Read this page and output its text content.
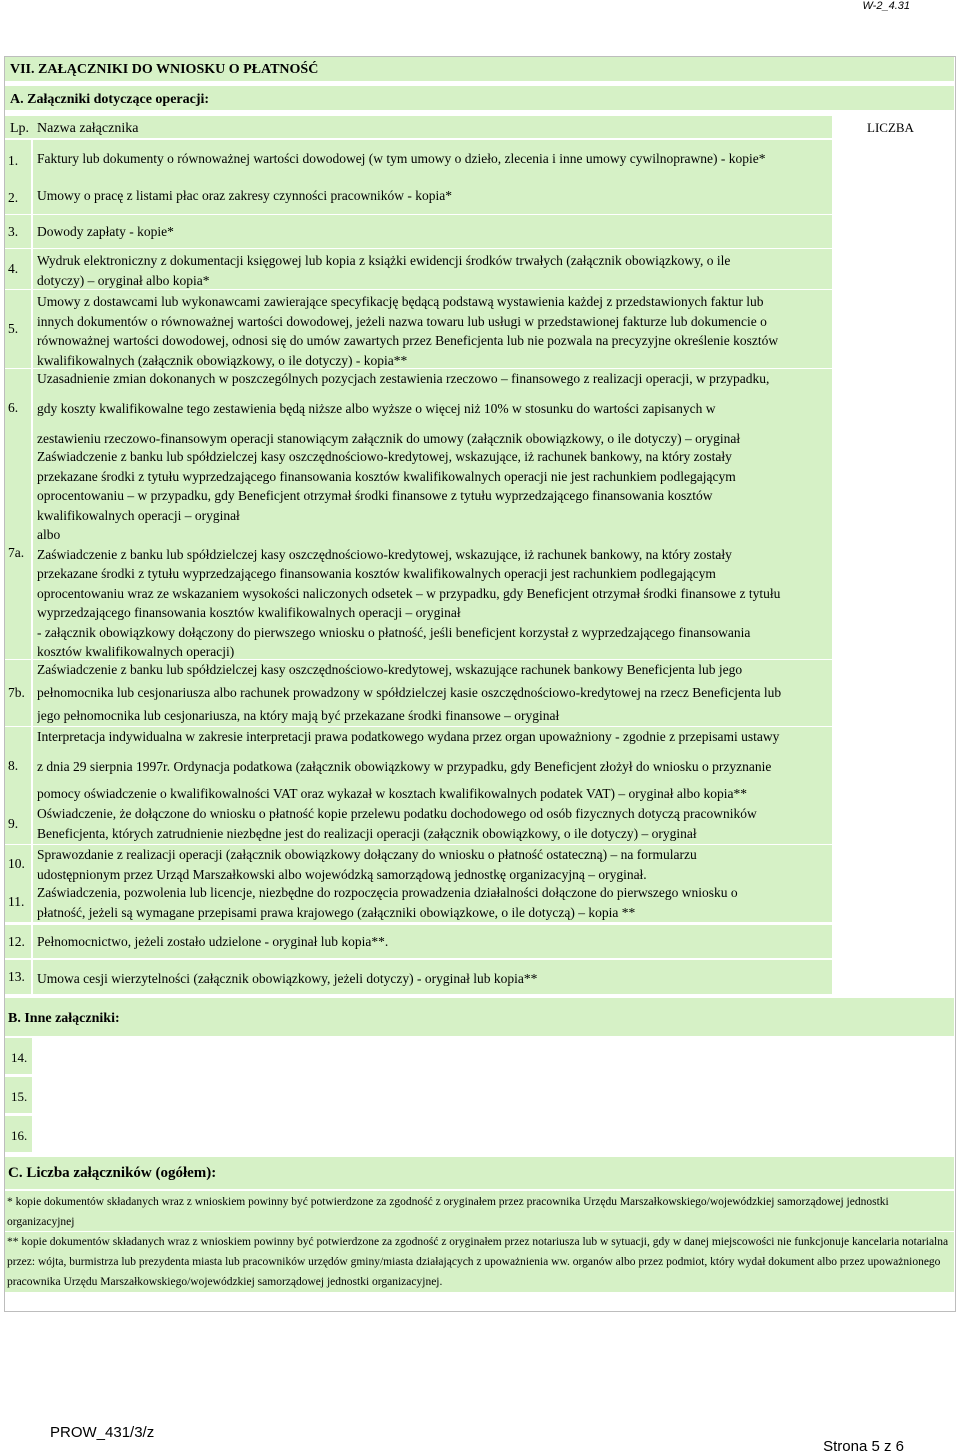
W-2_4.31
VII. ZAŁĄCZNIKI DO WNIOSKU O PŁATNOŚĆ
A. Załączniki dotyczące operacji:
Lp. Nazwa załącznika	LICZBA
1. Faktury lub dokumenty o równoważnej wartości dowodowej (w tym umowy o dzieło, zlecenia i inne umowy cywilnoprawne) - kopie*
2. Umowy o pracę z listami płac oraz zakresy czynności pracowników - kopia*
3. Dowody zapłaty - kopie*
4.
Wydruk elektroniczny z dokumentacji księgowej lub kopia z książki ewidencji środków trwałych (załącznik obowiązkowy, o ile
dotyczy) – oryginał albo kopia*
5.
Umowy z dostawcami lub wykonawcami zawierające specyfikację będącą podstawą wystawienia każdej z przedstawionych faktur lub
innych dokumentów o równoważnej wartości dowodowej, jeżeli nazwa towaru lub usługi w przedstawionej fakturze lub dokumencie o
równoważnej wartości dowodowej, odnosi się do umów zawartych przez Beneficjenta lub nie pozwala na precyzyjne określenie kosztów
kwalifikowalnych (załącznik obowiązkowy, o ile dotyczy) - kopia**
6.
Uzasadnienie zmian dokonanych w poszczególnych pozycjach zestawienia rzeczowo – finansowego z realizacji operacji, w przypadku,
gdy koszty kwalifikowalne tego zestawienia będą niższe albo wyższe o więcej niż 10% w stosunku do wartości zapisanych w
zestawieniu rzeczowo-finansowym operacji stanowiącym załącznik do umowy (załącznik obowiązkowy, o ile dotyczy) – oryginał
7a.
Zaświadczenie z banku lub spółdzielczej kasy oszczędnościowo-kredytowej, wskazujące, iż rachunek bankowy, na który zostały
przekazane środki z tytułu wyprzedzającego finansowania kosztów kwalifikowalnych operacji nie jest rachunkiem podlegającym
oprocentowaniu – w przypadku, gdy Beneficjent otrzymał środki finansowe z tytułu wyprzedzającego finansowania kosztów
kwalifikowalnych operacji – oryginał
albo
Zaświadczenie z banku lub spółdzielczej kasy oszczędnościowo-kredytowej, wskazujące, iż rachunek bankowy, na który zostały
przekazane środki z tytułu wyprzedzającego finansowania kosztów kwalifikowalnych operacji jest rachunkiem podlegającym
oprocentowaniu wraz ze wskazaniem wysokości naliczonych odsetek – w przypadku, gdy Beneficjent otrzymał środki finansowe z tytułu
wyprzedzającego finansowania kosztów kwalifikowalnych operacji – oryginał
- załącznik obowiązkowy dołączony do pierwszego wniosku o płatność, jeśli beneficjent korzystał z wyprzedzającego finansowania
kosztów kwalifikowalnych operacji)
7b.
Zaświadczenie z banku lub spółdzielczej kasy oszczędnościowo-kredytowej, wskazujące rachunek bankowy Beneficjenta lub jego
pełnomocnika lub cesjonariusza albo rachunek prowadzony w spółdzielczej kasie oszczędnościowo-kredytowej na rzecz Beneficjenta lub
jego pełnomocnika lub cesjonariusza, na który mają być przekazane środki finansowe – oryginał
8.
Interpretacja indywidualna w zakresie interpretacji prawa podatkowego wydana przez organ upoważniony - zgodnie z przepisami ustawy
z dnia 29 sierpnia 1997r. Ordynacja podatkowa (załącznik obowiązkowy w przypadku, gdy Beneficjent złożył do wniosku o przyznanie
pomocy oświadczenie o kwalifikowalności VAT oraz wykazał w kosztach kwalifikowalnych podatek VAT) – oryginał albo kopia**
9.
Oświadczenie, że dołączone do wniosku o płatność kopie przelewu podatku dochodowego od osób fizycznych dotyczą pracowników
Beneficjenta, których zatrudnienie niezbędne jest do realizacji operacji (załącznik obowiązkowy, o ile dotyczy) – oryginał
10.
Sprawozdanie z realizacji operacji (załącznik obowiązkowy dołączany do wniosku o płatność ostateczną) – na formularzu
udostępnionym przez Urząd Marszałkowski albo wojewódzką samorządową jednostkę organizacyjną – oryginał.
11.
Zaświadczenia, pozwolenia lub licencje, niezbędne do rozpoczęcia prowadzenia działalności dołączone do pierwszego wniosku o
płatność, jeżeli są wymagane przepisami prawa krajowego (załączniki obowiązkowe, o ile dotyczą) – kopia **
12. Pełnomocnictwo, jeżeli zostało udzielone - oryginał lub kopia**.
13. Umowa cesji wierzytelności (załącznik obowiązkowy, jeżeli dotyczy) - oryginał lub kopia**
B. Inne załączniki:
14.
15.
16.
C. Liczba załączników (ogółem):
* kopie dokumentów składanych wraz z wnioskiem powinny być potwierdzone za zgodność z oryginałem przez pracownika Urzędu Marszałkowskiego/wojewódzkiej samorządowej jednostki organizacyjnej
** kopie dokumentów składanych wraz z wnioskiem powinny być potwierdzone za zgodność z oryginałem przez notariusza lub w sytuacji, gdy w danej miejscowości nie funkcjonuje kancelaria notarialna przez: wójta, burmistrza lub prezydenta miasta lub pracowników urzędów gminy/miasta działających z upoważnienia ww. organów albo przez podmiot, który wydał dokument albo przez upoważnionego pracownika Urzędu Marszałkowskiego/wojewódzkiej samorządowej jednostki organizacyjnej.
PROW_431/3/z
Strona 5 z 6
